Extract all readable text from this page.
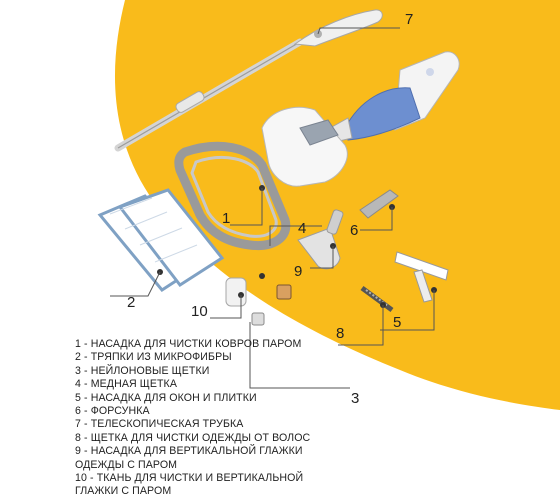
1
2
3
4
5
6
7
8
9
10
1 - НАСАДКА ДЛЯ ЧИСТКИ КОВРОВ ПАРОМ
2 - ТРЯПКИ ИЗ МИКРОФИБРЫ
3 - НЕЙЛОНОВЫЕ ЩЕТКИ
4 - МЕДНАЯ ЩЕТКА
5 - НАСАДКА ДЛЯ ОКОН И ПЛИТКИ
6 - ФОРСУНКА
7 - ТЕЛЕСКОПИЧЕСКАЯ ТРУБКА
8 - ЩЕТКА ДЛЯ ЧИСТКИ ОДЕЖДЫ ОТ ВОЛОС
9 - НАСАДКА ДЛЯ ВЕРТИКАЛЬНОЙ ГЛАЖКИ ОДЕЖДЫ С ПАРОМ
10 - ТКАНЬ ДЛЯ ЧИСТКИ И ВЕРТИКАЛЬНОЙ ГЛАЖКИ С ПАРОМ
